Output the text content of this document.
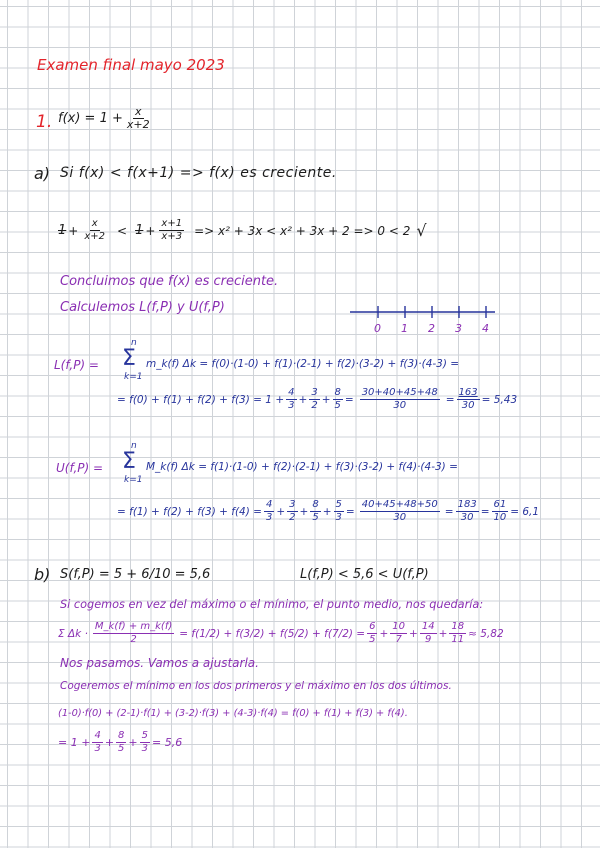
Examen final mayo 2023
1. $f(x) = 1 + \frac{x}{x+2}$
a) Si f(x) < f(x+1) => f(x) es creciente.
$1 + \frac{x}{x+2} < 1 + \frac{x+1}{x+3} => x^2 + 3x < x^2 + 3x + 2 => 0 < 2$ √
Concluimos que f(x) es creciente.
Calculemos L(f,P) y U(f,P)
0 1 2 3 4
L(f,P) =
n
Σ
k=1
m_k(f) Δk = f(0)·(1-0) + f(1)·(2-1) + f(2)·(3-2) + f(3)·(4-3) =
= $f(0) + f(1) + f(2) + f(3) = 1 + \frac{4}{3} + \frac{3}{2} + \frac{8}{5} = \frac{30+40+45+48}{30} = \frac{163}{30} = 5,43$
U(f,P) =
n
Σ
k=1
M_k(f) Δk = f(1)·(1-0) + f(2)·(2-1) + f(3)·(3-2) + f(4)·(4-3) =
= $f(1) + f(2) + f(3) + f(4) = \frac{4}{3} + \frac{3}{2} + \frac{8}{5} + \frac{5}{3} = \frac{40+45+48+50}{30} = \frac{183}{30} = \frac{61}{10} = 6,1$
b) S(f,P) = 5 + 6/10 = 5,6	L(f,P) < 5,6 < U(f,P)
Si cogemos en vez del máximo o el mínimo, el punto medio, nos quedaría:
Σ $\Delta k \cdot \frac{M\_k(f) + m\_k(f)}{2} = f(1/2) + f(3/2) + f(5/2) + f(7/2) = \frac{6}{5} + \frac{10}{7} + \frac{14}{9} + \frac{18}{11} \approx 5,82$
Nos pasamos. Vamos a ajustarla.
Cogeremos el mínimo en los dos primeros y el máximo en los dos últimos.
(1-0)·f(0) + (2-1)·f(1) + (3-2)·f(3) + (4-3)·f(4) = f(0) + f(1) + f(3) + f(4).
= $1 + \frac{4}{3} + \frac{8}{5} + \frac{5}{3} = 5,6$
